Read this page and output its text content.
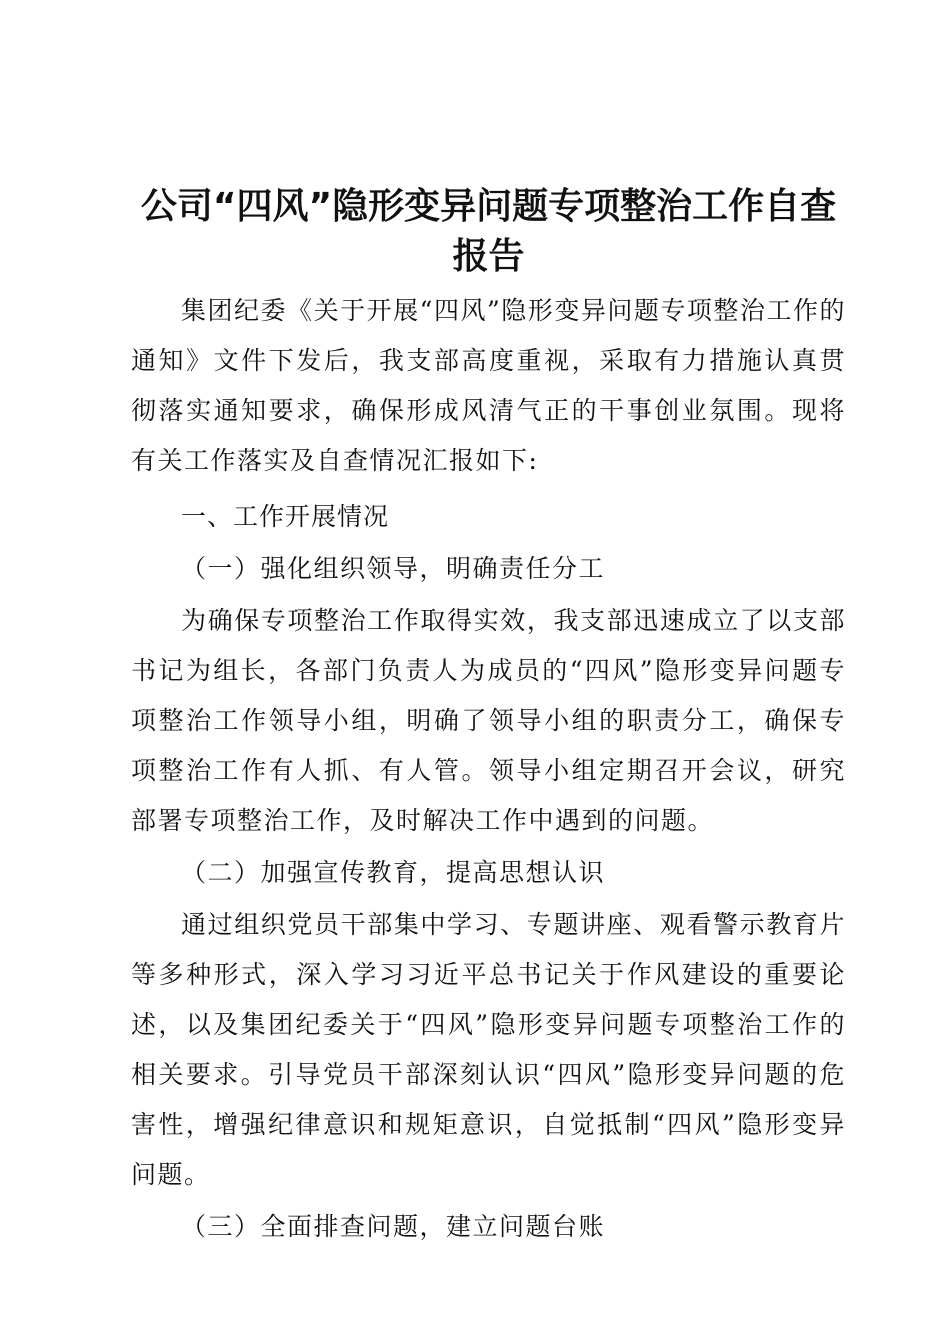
公司“四风”隐形变异问题专项整治工作自查报告

集团纪委《关于开展“四风”隐形变异问题专项整治工作的通知》文件下发后，我支部高度重视，采取有力措施认真贯彻落实通知要求，确保形成风清气正的干事创业氛围。现将有关工作落实及自查情况汇报如下:

一、工作开展情况

（一）强化组织领导，明确责任分工

为确保专项整治工作取得实效，我支部迅速成立了以支部书记为组长，各部门负责人为成员的“四风”隐形变异问题专项整治工作领导小组，明确了领导小组的职责分工，确保专项整治工作有人抓、有人管。领导小组定期召开会议，研究部署专项整治工作，及时解决工作中遇到的问题。

（二）加强宣传教育，提高思想认识

通过组织党员干部集中学习、专题讲座、观看警示教育片等多种形式，深入学习习近平总书记关于作风建设的重要论述，以及集团纪委关于“四风”隐形变异问题专项整治工作的相关要求。引导党员干部深刻认识“四风”隐形变异问题的危害性，增强纪律意识和规矩意识，自觉抵制“四风”隐形变异问题。

（三）全面排查问题，建立问题台账
